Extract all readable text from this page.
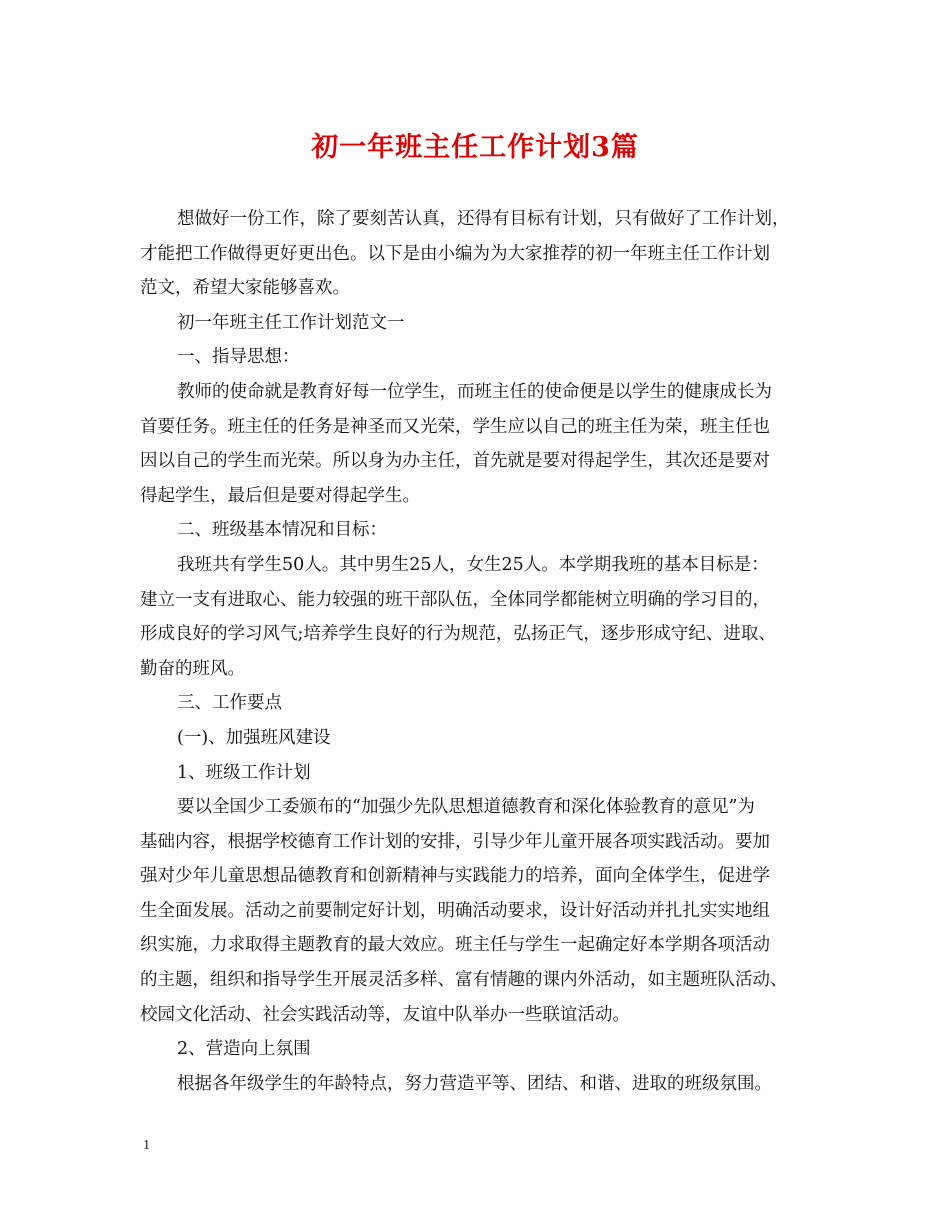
初一年班主任工作计划3篇

想做好一份工作，除了要刻苦认真，还得有目标有计划，只有做好了工作计划，
才能把工作做得更好更出色。以下是由小编为为大家推荐的初一年班主任工作计划
范文，希望大家能够喜欢。

初一年班主任工作计划范文一

一、指导思想：

教师的使命就是教育好每一位学生，而班主任的使命便是以学生的健康成长为
首要任务。班主任的任务是神圣而又光荣，学生应以自己的班主任为荣，班主任也
因以自己的学生而光荣。所以身为办主任，首先就是要对得起学生，其次还是要对
得起学生，最后但是要对得起学生。

二、班级基本情况和目标：

我班共有学生50人。其中男生25人，女生25人。本学期我班的基本目标是：
建立一支有进取心、能力较强的班干部队伍，全体同学都能树立明确的学习目的，
形成良好的学习风气;培养学生良好的行为规范，弘扬正气，逐步形成守纪、进取、
勤奋的班风。

三、工作要点

(一)、加强班风建设

1、班级工作计划

要以全国少工委颁布的“加强少先队思想道德教育和深化体验教育的意见”为
基础内容，根据学校德育工作计划的安排，引导少年儿童开展各项实践活动。要加
强对少年儿童思想品德教育和创新精神与实践能力的培养，面向全体学生，促进学
生全面发展。活动之前要制定好计划，明确活动要求，设计好活动并扎扎实实地组
织实施，力求取得主题教育的最大效应。班主任与学生一起确定好本学期各项活动
的主题，组织和指导学生开展灵活多样、富有情趣的课内外活动，如主题班队活动、
校园文化活动、社会实践活动等，友谊中队举办一些联谊活动。

2、营造向上氛围

根据各年级学生的年龄特点，努力营造平等、团结、和谐、进取的班级氛围。

1
